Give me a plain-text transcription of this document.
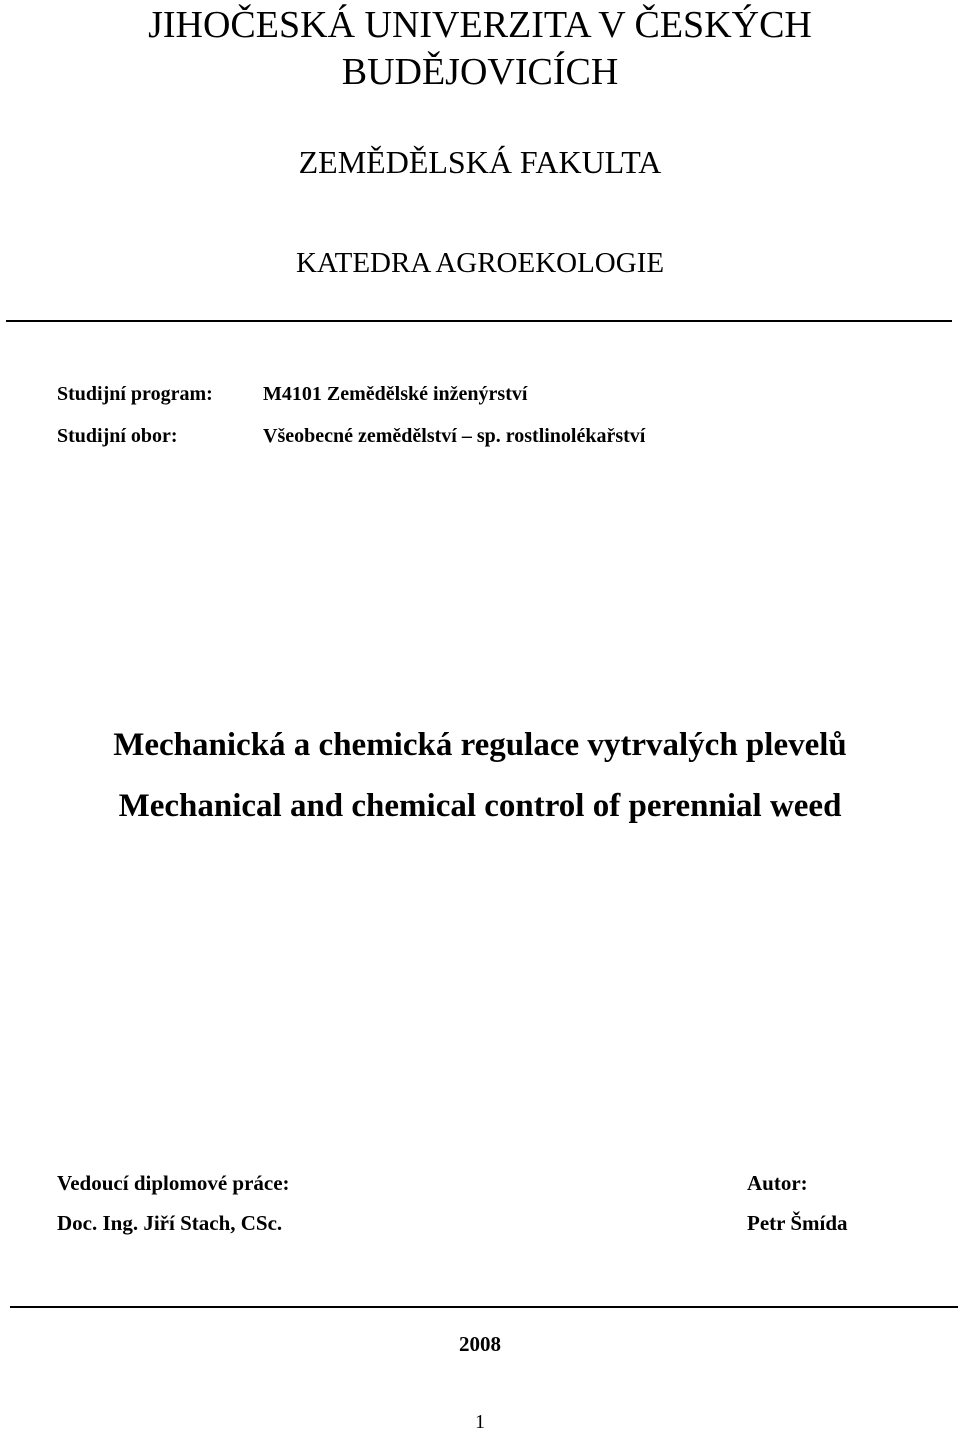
JIHOČESKÁ UNIVERZITA V ČESKÝCH BUDĚJOVICÍCH
ZEMĚDĚLSKÁ FAKULTA
KATEDRA AGROEKOLOGIE
Studijní program:	M4101 Zemědělské inženýrství
Studijní obor:	Všeobecné zemědělství – sp. rostlinolékařství
Mechanická a chemická regulace vytrvalých plevelů
Mechanical and chemical control of perennial weed
Vedoucí diplomové práce:
Doc. Ing. Jiří Stach, CSc.
Autor:
Petr Šmída
2008
1
